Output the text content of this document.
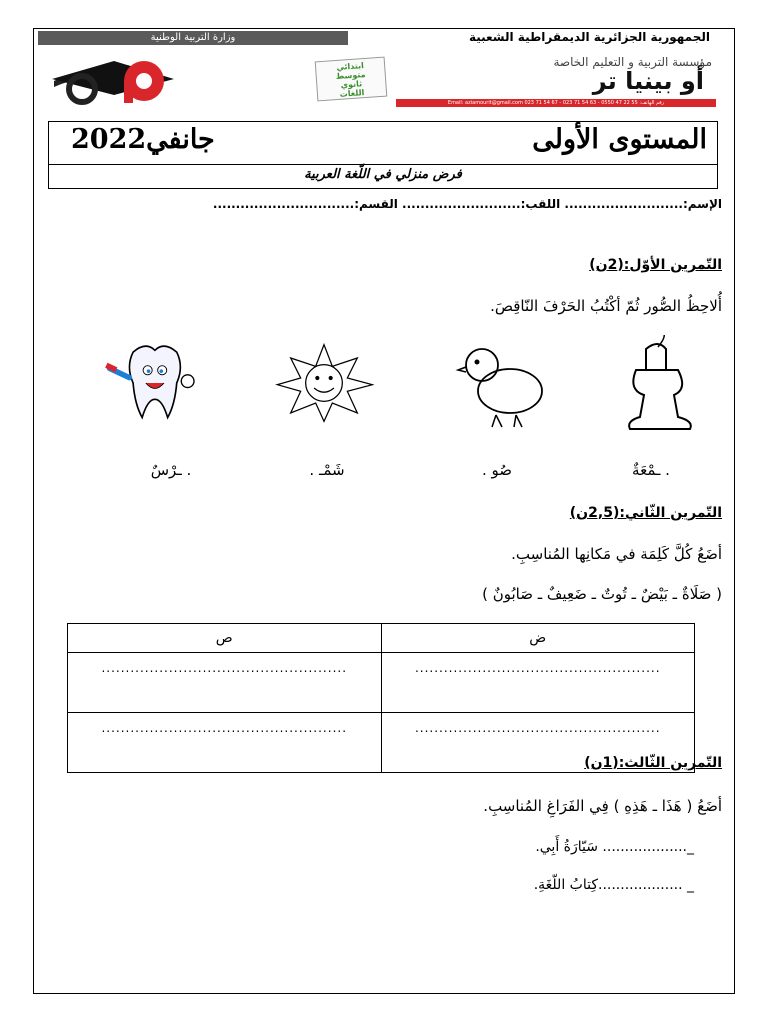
وزارة التربية الوطنية	الجمهورية الجزائرية الديمقراطية الشعبية
ابتدائي
متوسط
ثانوي
اللغات
مؤسسة التربية و التعليم الخاصة
أو بينيا تر
Email: aziamourit@gmail.com 023 71 54 67 - 023 71 54 63 - 0550 47 22 55 :رقم الهاتف
المستوى الأولى
جانفي2022
فرض منزلي في اللّغة العربية
الإسم:.......................... اللقب:.......................... القسم:...............................
التّمرين الأوّل:(2ن)
أُلاحِظُ الصُّور ثُمّ أكْتُبُ الحَرْفَ النّاقِصَ.
. ـمْعَةٌ
صُو .
شَمْـ .
. ـرْسٌ
التّمرين الثّاني:(2,5ن)
أضَعُ كُلَّ كَلِمَة في مَكانِها المُناسِبِ.
( صَلَاةٌ ـ بَيْضٌ ـ تُوتٌ ـ ضَعِيفٌ ـ صَابُونٌ )
ص	ض
...................................................	...................................................
...................................................	...................................................
التّمرين الثّالث:(1ن)
أضَعُ ( هَذَا ـ هَذِهِ ) فِي الفَرَاغِ المُناسِبِ.
_................... سَيّارَةُ أَبِي.
_ ...................كِتابُ اللّغَةِ.
